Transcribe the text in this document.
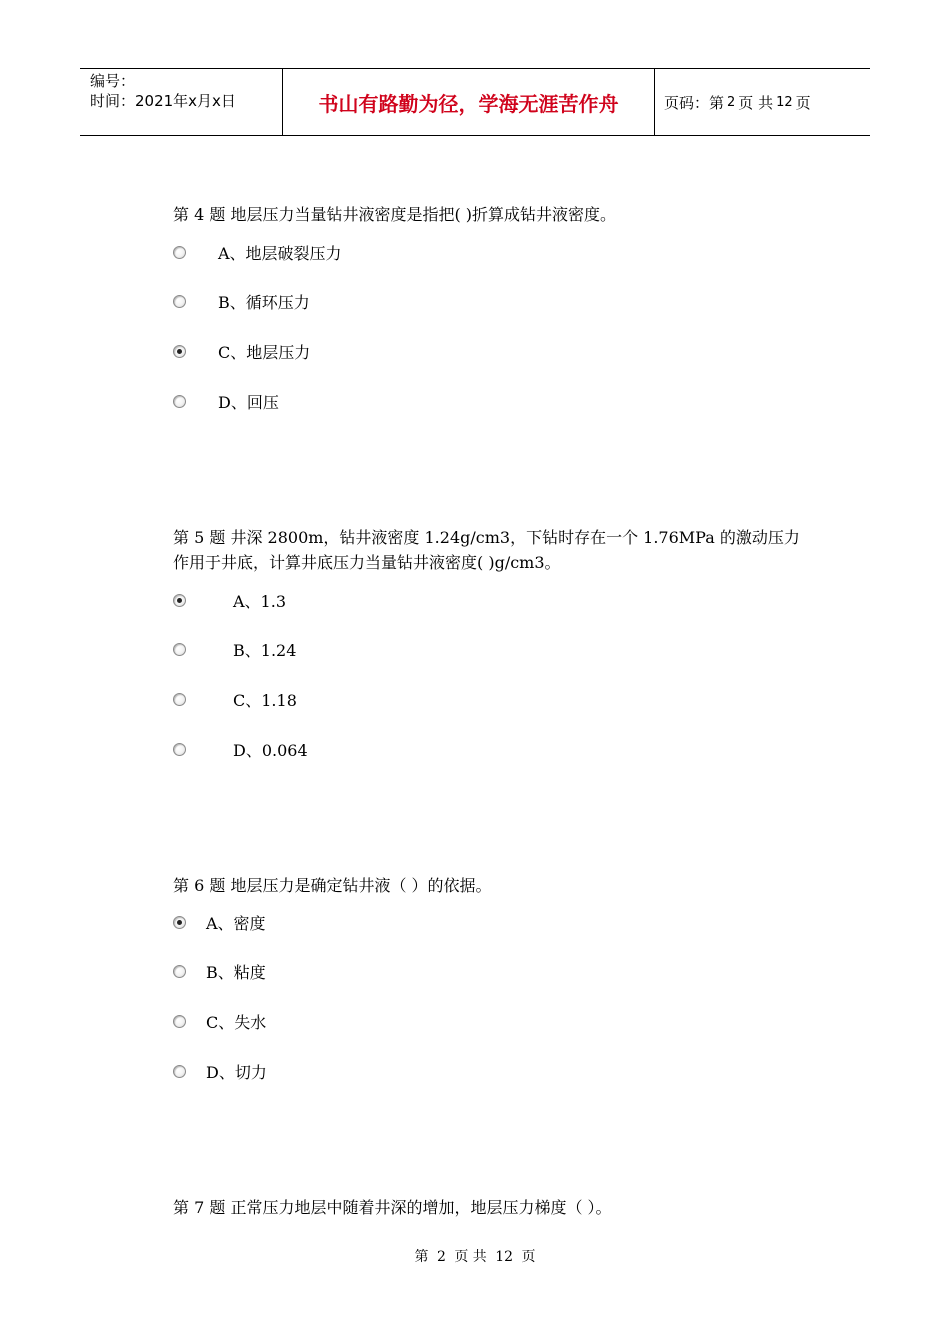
编号：
时间：2021年x月x日	书山有路勤为径，学海无涯苦作舟	页码：第 2 页 共 12 页
第 4 题 地层压力当量钻井液密度是指把( )折算成钻井液密度。
A、地层破裂压力
B、循环压力
C、地层压力
D、回压
第 5 题 井深 2800m，钻井液密度 1.24g/cm3，下钻时存在一个 1.76MPa 的激动压力作用于井底，计算井底压力当量钻井液密度( )g/cm3。
A、1.3
B、1.24
C、1.18
D、0.064
第 6 题 地层压力是确定钻井液（ ）的依据。
A、密度
B、粘度
C、失水
D、切力
第 7 题 正常压力地层中随着井深的增加，地层压力梯度（ ）。
第 2 页 共 12 页
